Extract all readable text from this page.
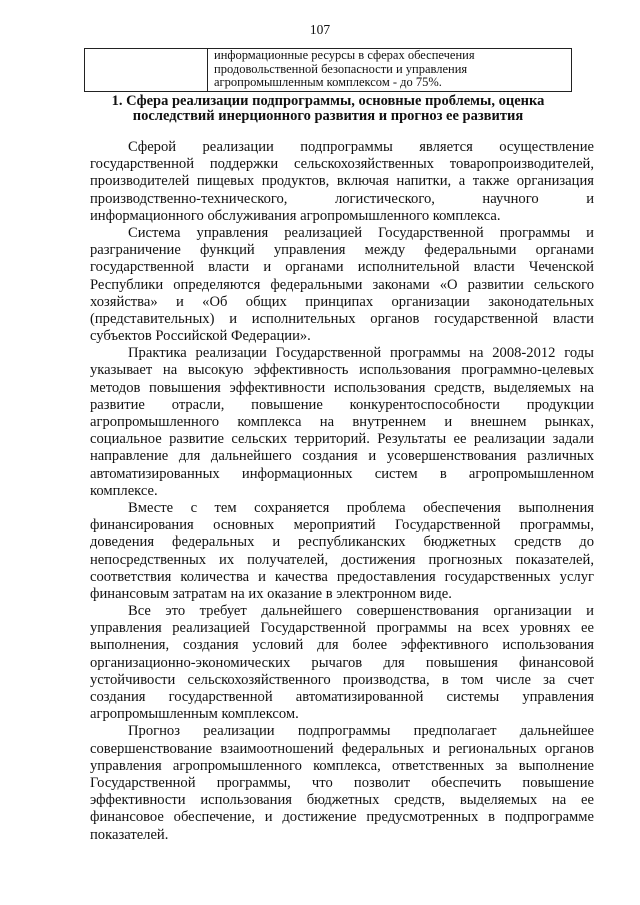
107

информационные ресурсы в сферах обеспечения
продовольственной безопасности и управления
агропромышленным комплексом - до 75%.
1. Сфера реализации подпрограммы, основные проблемы, оценка
последствий инерционного развития и прогноз ее развития
Сферой реализации подпрограммы является осуществление
государственной поддержки сельскохозяйственных товаропроизводителей,
производителей пищевых продуктов, включая напитки, а также организация
производственно-технического, логистического, научного и
информационного обслуживания агропромышленного комплекса.
Система управления реализацией Государственной программы и
разграничение функций управления между федеральными органами
государственной власти и органами исполнительной власти Чеченской
Республики определяются федеральными законами «О развитии сельского
хозяйства» и «Об общих принципах организации законодательных
(представительных) и исполнительных органов государственной власти
субъектов Российской Федерации».
Практика реализации Государственной программы на 2008-2012 годы
указывает на высокую эффективность использования программно-целевых
методов повышения эффективности использования средств, выделяемых на
развитие отрасли, повышение конкурентоспособности продукции
агропромышленного комплекса на внутреннем и внешнем рынках,
социальное развитие сельских территорий. Результаты ее реализации задали
направление для дальнейшего создания и усовершенствования различных
автоматизированных информационных систем в агропромышленном
комплексе.
Вместе с тем сохраняется проблема обеспечения выполнения
финансирования основных мероприятий Государственной программы,
доведения федеральных и республиканских бюджетных средств до
непосредственных их получателей, достижения прогнозных показателей,
соответствия количества и качества предоставления государственных услуг
финансовым затратам на их оказание в электронном виде.
Все это требует дальнейшего совершенствования организации и
управления реализацией Государственной программы на всех уровнях ее
выполнения, создания условий для более эффективного использования
организационно-экономических рычагов для повышения финансовой
устойчивости сельскохозяйственного производства, в том числе за счет
создания государственной автоматизированной системы управления
агропромышленным комплексом.
Прогноз реализации подпрограммы предполагает дальнейшее
совершенствование взаимоотношений федеральных и региональных органов
управления агропромышленного комплекса, ответственных за выполнение
Государственной программы, что позволит обеспечить повышение
эффективности использования бюджетных средств, выделяемых на ее
финансовое обеспечение, и достижение предусмотренных в подпрограмме
показателей.
